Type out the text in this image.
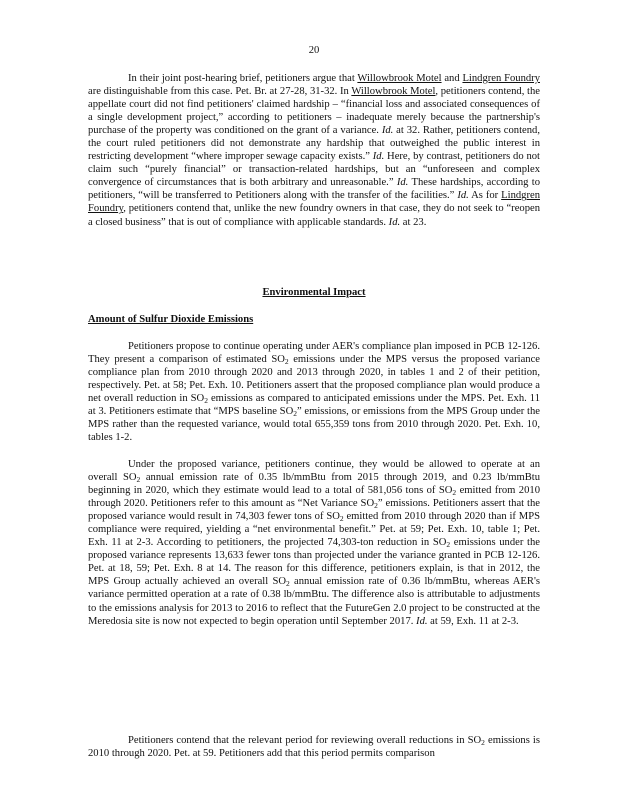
20

In their joint post-hearing brief, petitioners argue that Willowbrook Motel and Lindgren Foundry are distinguishable from this case. Pet. Br. at 27-28, 31-32. In Willowbrook Motel, petitioners contend, the appellate court did not find petitioners' claimed hardship – “financial loss and associated consequences of a single development project,” according to petitioners – inadequate merely because the partnership's purchase of the property was conditioned on the grant of a variance. Id. at 32. Rather, petitioners contend, the court ruled petitioners did not demonstrate any hardship that outweighed the public interest in restricting development “where improper sewage capacity exists.” Id. Here, by contrast, petitioners do not claim such “purely financial” or transaction-related hardships, but an “unforeseen and complex convergence of circumstances that is both arbitrary and unreasonable.” Id. These hardships, according to petitioners, “will be transferred to Petitioners along with the transfer of the facilities.” Id. As for Lindgren Foundry, petitioners contend that, unlike the new foundry owners in that case, they do not seek to “reopen a closed business” that is out of compliance with applicable standards. Id. at 23.

Environmental Impact
Amount of Sulfur Dioxide Emissions

Petitioners propose to continue operating under AER's compliance plan imposed in PCB 12-126. They present a comparison of estimated $SO_2$ emissions under the MPS versus the proposed variance compliance plan from 2010 through 2020 and 2013 through 2020, in tables 1 and 2 of their petition, respectively. Pet. at 58; Pet. Exh. 10. Petitioners assert that the proposed compliance plan would produce a net overall reduction in $SO_2$ emissions as compared to anticipated emissions under the MPS. Pet. Exh. 11 at 3. Petitioners estimate that “MPS baseline $SO_2$” emissions, or emissions from the MPS Group under the MPS rather than the requested variance, would total 655,359 tons from 2010 through 2020. Pet. Exh. 10, tables 1-2.

Under the proposed variance, petitioners continue, they would be allowed to operate at an overall $SO_2$ annual emission rate of 0.35 lb/mmBtu from 2015 through 2019, and 0.23 lb/mmBtu beginning in 2020, which they estimate would lead to a total of 581,056 tons of $SO_2$ emitted from 2010 through 2020. Petitioners refer to this amount as “Net Variance $SO_2$” emissions. Petitioners assert that the proposed variance would result in 74,303 fewer tons of $SO_2$ emitted from 2010 through 2020 than if MPS compliance were required, yielding a “net environmental benefit.” Pet. at 59; Pet. Exh. 10, table 1; Pet. Exh. 11 at 2-3. According to petitioners, the projected 74,303-ton reduction in $SO_2$ emissions under the proposed variance represents 13,633 fewer tons than projected under the variance granted in PCB 12-126. Pet. at 18, 59; Pet. Exh. 8 at 14. The reason for this difference, petitioners explain, is that in 2012, the MPS Group actually achieved an overall $SO_2$ annual emission rate of 0.36 lb/mmBtu, whereas AER's variance permitted operation at a rate of 0.38 lb/mmBtu. The difference also is attributable to adjustments to the emissions analysis for 2013 to 2016 to reflect that the FutureGen 2.0 project to be constructed at the Meredosia site is now not expected to begin operation until September 2017. Id. at 59, Exh. 11 at 2-3.

Petitioners contend that the relevant period for reviewing overall reductions in $SO_2$ emissions is 2010 through 2020. Pet. at 59. Petitioners add that this period permits comparison
